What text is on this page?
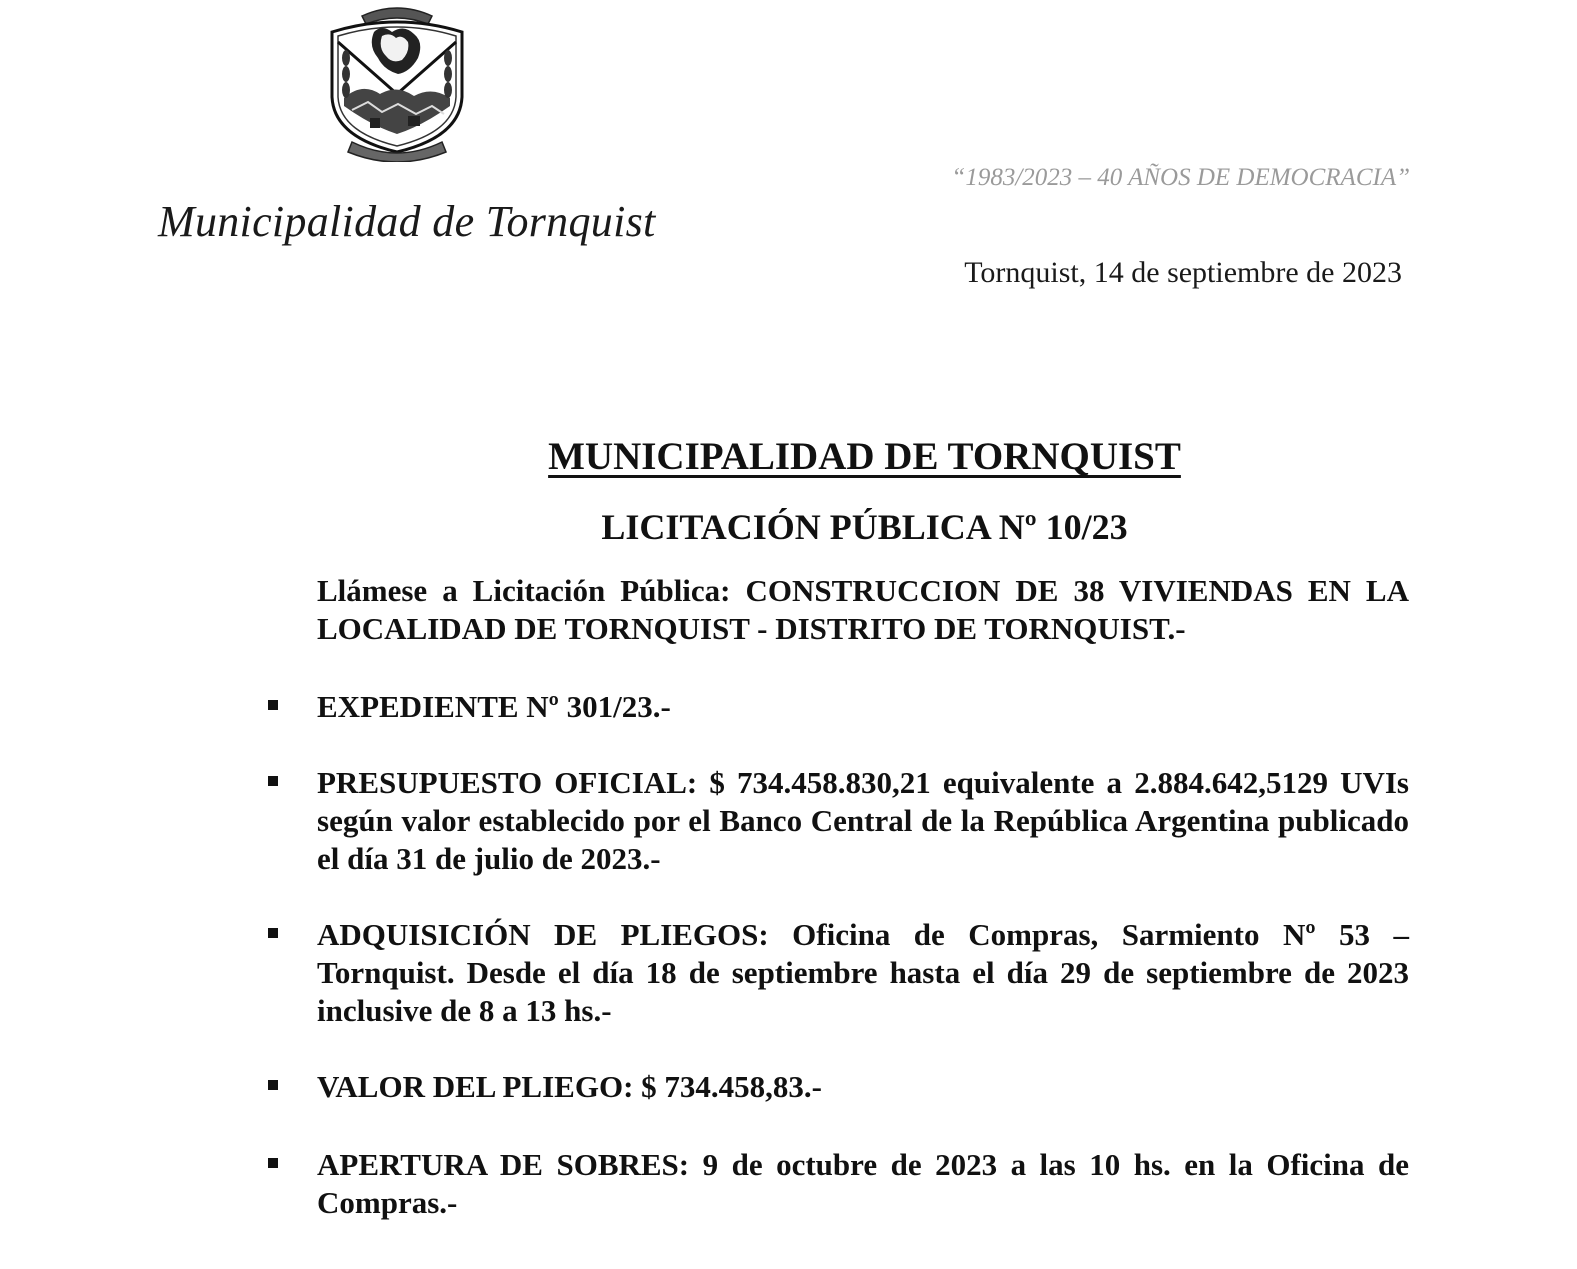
“1983/2023 – 40 AÑOS DE DEMOCRACIA”
Municipalidad de Tornquist
Tornquist, 14 de septiembre de 2023
MUNICIPALIDAD DE TORNQUIST
LICITACIÓN PÚBLICA Nº 10/23
Llámese a Licitación Pública: CONSTRUCCION DE 38 VIVIENDAS EN LA LOCALIDAD DE TORNQUIST - DISTRITO DE TORNQUIST.-
EXPEDIENTE Nº 301/23.-
PRESUPUESTO OFICIAL: $ 734.458.830,21 equivalente a 2.884.642,5129 UVIs según valor establecido por el Banco Central de la República Argentina publicado el día 31 de julio de 2023.-
ADQUISICIÓN DE PLIEGOS: Oficina de Compras, Sarmiento Nº 53 – Tornquist. Desde el día 18 de septiembre hasta el día 29 de septiembre de 2023 inclusive de 8 a 13 hs.-
VALOR DEL PLIEGO: $ 734.458,83.-
APERTURA DE SOBRES: 9 de octubre de 2023 a las 10 hs. en la Oficina de Compras.-
